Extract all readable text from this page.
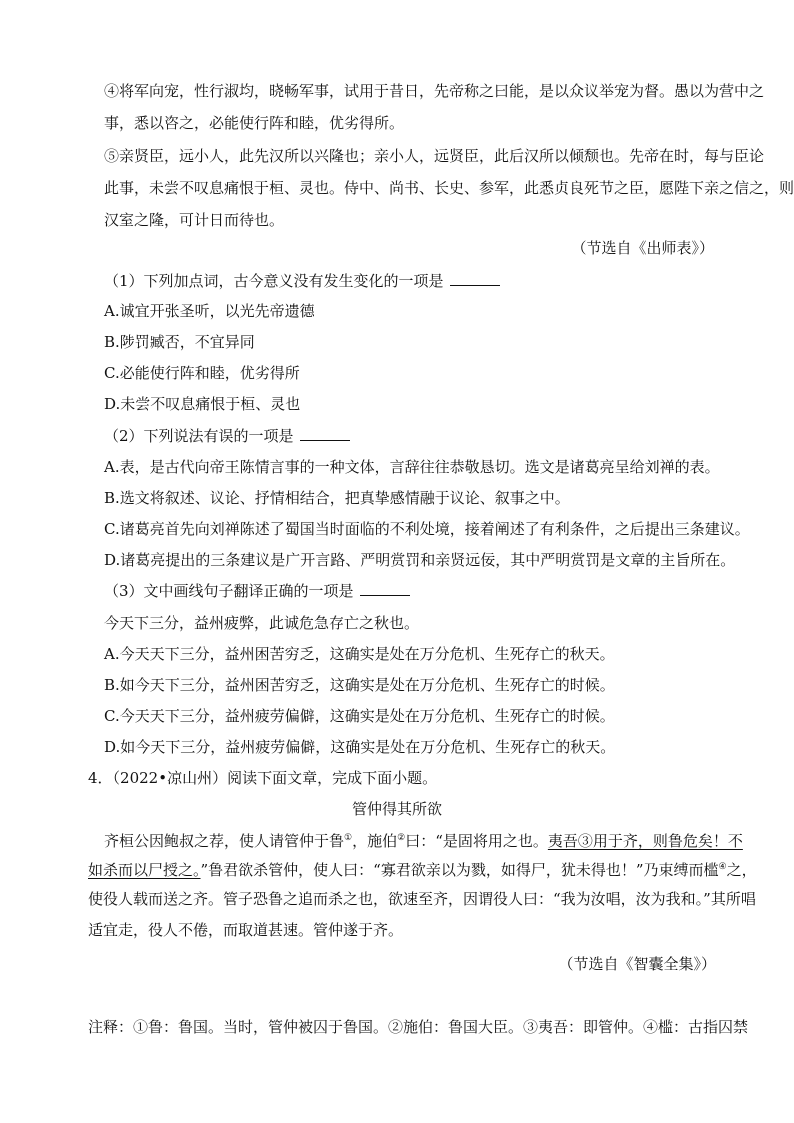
④将军向宠，性行淑均，晓畅军事，试用于昔日，先帝称之曰能，是以众议举宠为督。愚以为营中之
事，悉以咨之，必能使行阵和睦，优劣得所。
⑤亲贤臣，远小人，此先汉所以兴隆也；亲小人，远贤臣，此后汉所以倾颓也。先帝在时，每与臣论
此事，未尝不叹息痛恨于桓、灵也。侍中、尚书、长史、参军，此悉贞良死节之臣，愿陛下亲之信之，则
汉室之隆，可计日而待也。
（节选自《出师表》）
（1）下列加点词，古今意义没有发生变化的一项是
A.诚宜开张圣听，以光先帝遗德
B.陟罚臧否，不宜异同
C.必能使行阵和睦，优劣得所
D.未尝不叹息痛恨于桓、灵也
（2）下列说法有误的一项是
A.表，是古代向帝王陈情言事的一种文体，言辞往往恭敬恳切。选文是诸葛亮呈给刘禅的表。
B.选文将叙述、议论、抒情相结合，把真挚感情融于议论、叙事之中。
C.诸葛亮首先向刘禅陈述了蜀国当时面临的不利处境，接着阐述了有利条件，之后提出三条建议。
D.诸葛亮提出的三条建议是广开言路、严明赏罚和亲贤远佞，其中严明赏罚是文章的主旨所在。
（3）文中画线句子翻译正确的一项是
今天下三分，益州疲弊，此诚危急存亡之秋也。
A.今天天下三分，益州困苦穷乏，这确实是处在万分危机、生死存亡的秋天。
B.如今天下三分，益州困苦穷乏，这确实是处在万分危机、生死存亡的时候。
C.今天天下三分，益州疲劳偏僻，这确实是处在万分危机、生死存亡的时候。
D.如今天下三分，益州疲劳偏僻，这确实是处在万分危机、生死存亡的秋天。
4．（2022•凉山州）阅读下面文章，完成下面小题。
管仲得其所欲
齐桓公因鲍叔之荐，使人请管仲于鲁①，施伯②曰：“是固将用之也。夷吾③用于齐，则鲁危矣！不
如杀而以尸授之。”鲁君欲杀管仲，使人曰：“寡君欲亲以为戮，如得尸，犹未得也！”乃束缚而槛④之，
使役人载而送之齐。管子恐鲁之追而杀之也，欲速至齐，因谓役人曰：“我为汝唱，汝为我和。”其所唱
适宜走，役人不倦，而取道甚速。管仲遂于齐。
（节选自《智囊全集》）
注释：①鲁：鲁国。当时，管仲被囚于鲁国。②施伯：鲁国大臣。③夷吾：即管仲。④槛：古指囚禁
